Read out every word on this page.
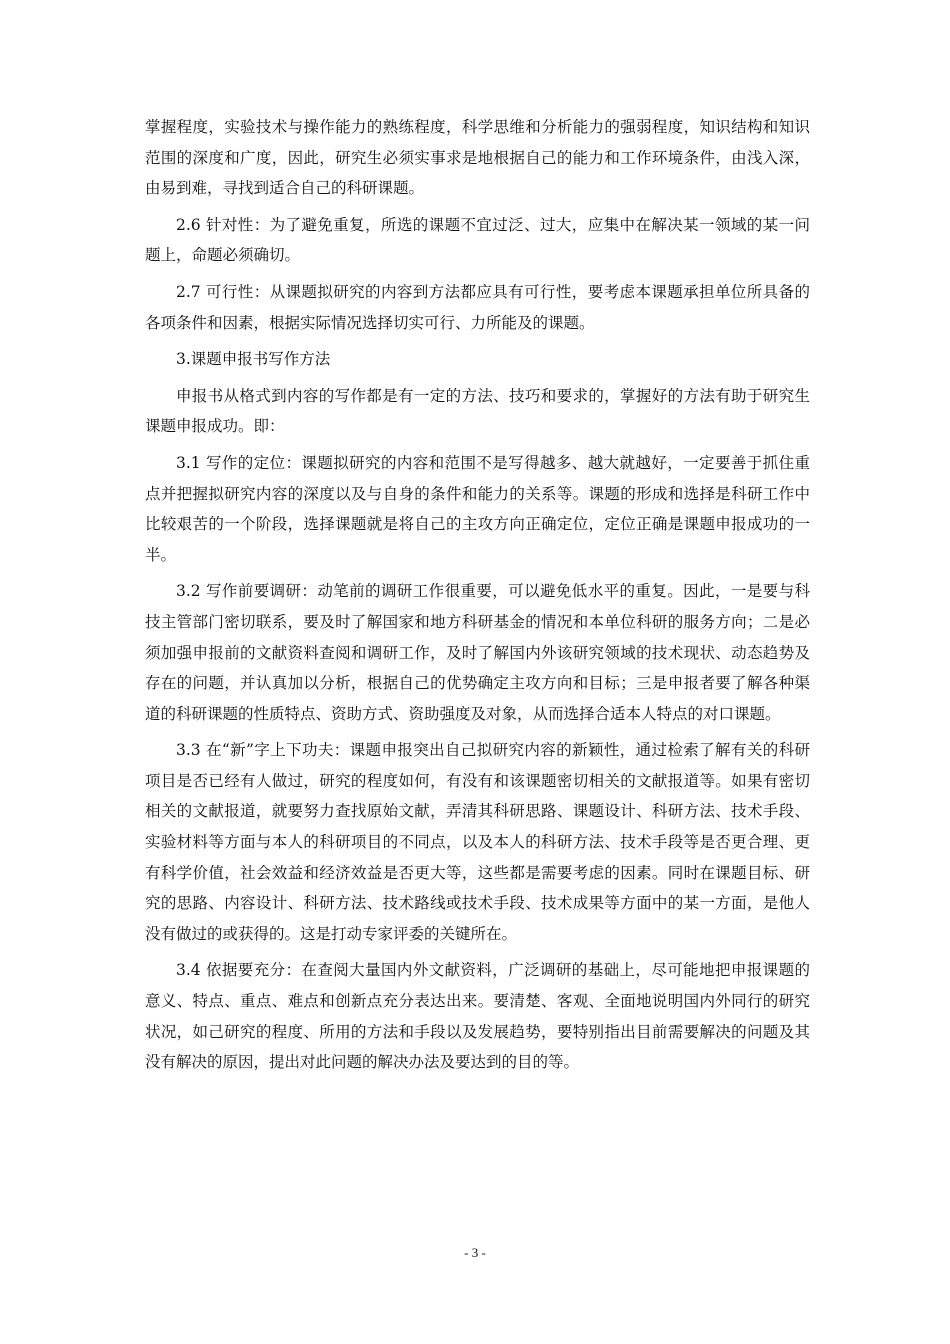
掌握程度，实验技术与操作能力的熟练程度，科学思维和分析能力的强弱程度，知识结构和知识范围的深度和广度，因此，研究生必须实事求是地根据自己的能力和工作环境条件，由浅入深，由易到难，寻找到适合自己的科研课题。

2.6 针对性：为了避免重复，所选的课题不宜过泛、过大，应集中在解决某一领域的某一问题上，命题必须确切。

2.7 可行性：从课题拟研究的内容到方法都应具有可行性，要考虑本课题承担单位所具备的各项条件和因素，根据实际情况选择切实可行、力所能及的课题。

3.课题申报书写作方法

申报书从格式到内容的写作都是有一定的方法、技巧和要求的，掌握好的方法有助于研究生课题申报成功。即：

3.1 写作的定位：课题拟研究的内容和范围不是写得越多、越大就越好，一定要善于抓住重点并把握拟研究内容的深度以及与自身的条件和能力的关系等。课题的形成和选择是科研工作中比较艰苦的一个阶段，选择课题就是将自己的主攻方向正确定位，定位正确是课题申报成功的一半。

3.2 写作前要调研：动笔前的调研工作很重要，可以避免低水平的重复。因此，一是要与科技主管部门密切联系，要及时了解国家和地方科研基金的情况和本单位科研的服务方向；二是必须加强申报前的文献资料查阅和调研工作，及时了解国内外该研究领域的技术现状、动态趋势及存在的问题，并认真加以分析，根据自己的优势确定主攻方向和目标；三是申报者要了解各种渠道的科研课题的性质特点、资助方式、资助强度及对象，从而选择合适本人特点的对口课题。

3.3 在“新”字上下功夫：课题申报突出自己拟研究内容的新颖性，通过检索了解有关的科研项目是否已经有人做过，研究的程度如何，有没有和该课题密切相关的文献报道等。如果有密切相关的文献报道，就要努力查找原始文献，弄清其科研思路、课题设计、科研方法、技术手段、实验材料等方面与本人的科研项目的不同点，以及本人的科研方法、技术手段等是否更合理、更有科学价值，社会效益和经济效益是否更大等，这些都是需要考虑的因素。同时在课题目标、研究的思路、内容设计、科研方法、技术路线或技术手段、技术成果等方面中的某一方面，是他人没有做过的或获得的。这是打动专家评委的关键所在。

3.4 依据要充分：在查阅大量国内外文献资料，广泛调研的基础上，尽可能地把申报课题的意义、特点、重点、难点和创新点充分表达出来。要清楚、客观、全面地说明国内外同行的研究状况，如己研究的程度、所用的方法和手段以及发展趋势，要特别指出目前需要解决的问题及其没有解决的原因，提出对此问题的解决办法及要达到的目的等。

- 3 -
